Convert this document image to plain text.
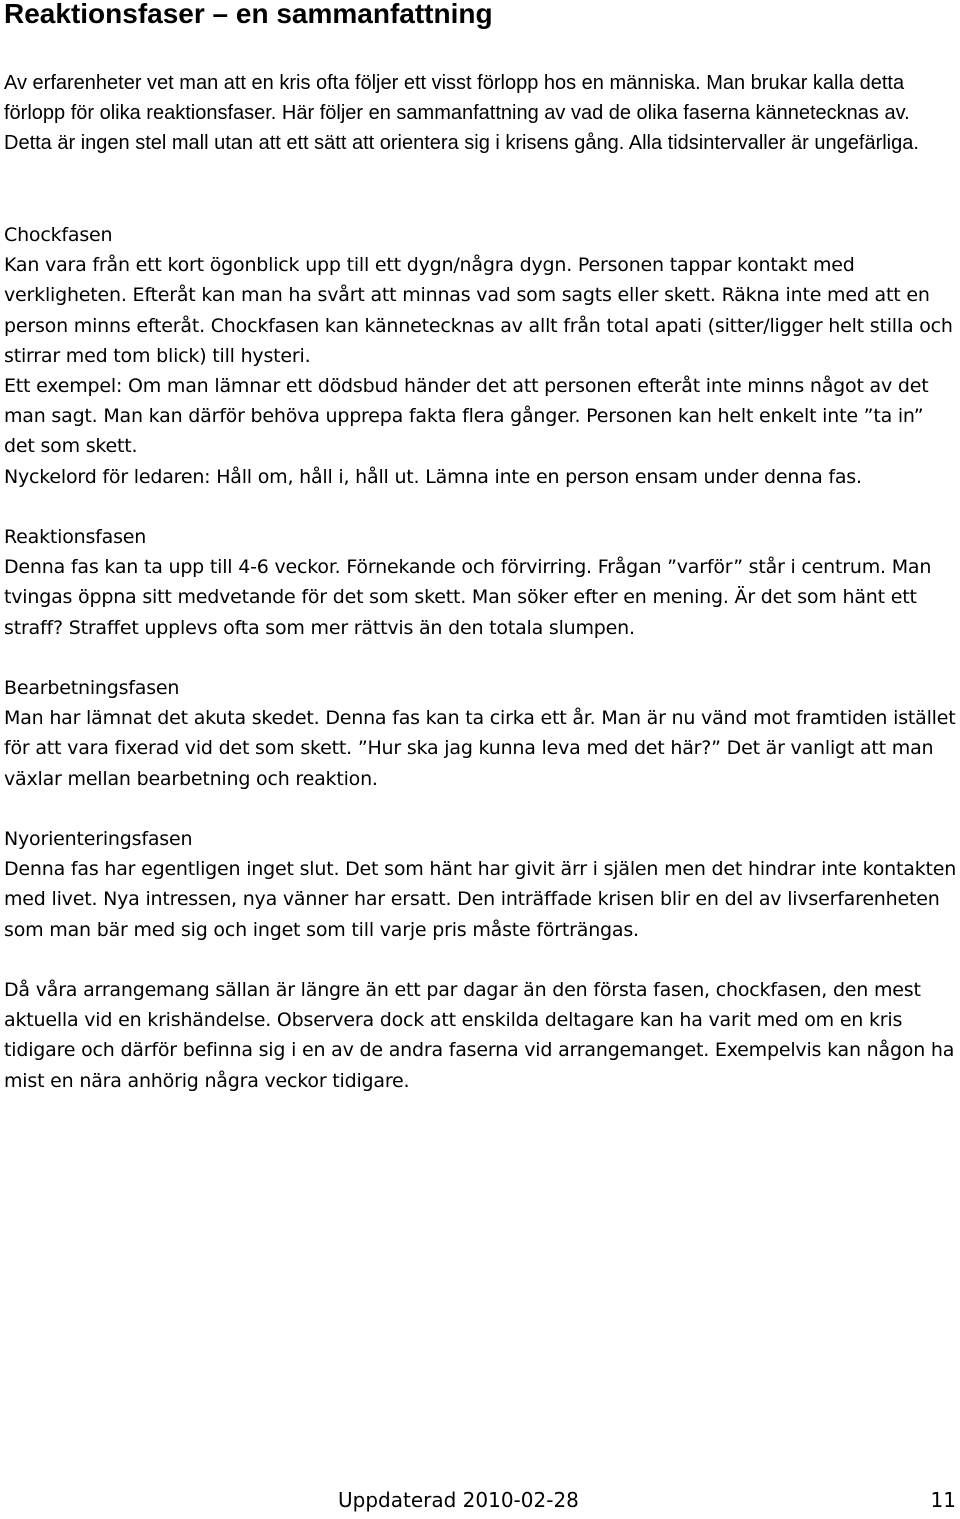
Reaktionsfaser – en sammanfattning

Av erfarenheter vet man att en kris ofta följer ett visst förlopp hos en människa. Man brukar kalla detta förlopp för olika reaktionsfaser. Här följer en sammanfattning av vad de olika faserna kännetecknas av. Detta är ingen stel mall utan att ett sätt att orientera sig i krisens gång. Alla tidsintervaller är ungefärliga.

Chockfasen

Kan vara från ett kort ögonblick upp till ett dygn/några dygn. Personen tappar kontakt med verkligheten. Efteråt kan man ha svårt att minnas vad som sagts eller skett. Räkna inte med att en person minns efteråt. Chockfasen kan kännetecknas av allt från total apati (sitter/ligger helt stilla och stirrar med tom blick) till hysteri.

Ett exempel: Om man lämnar ett dödsbud händer det att personen efteråt inte minns något av det man sagt. Man kan därför behöva upprepa fakta flera gånger. Personen kan helt enkelt inte ”ta in” det som skett.

Nyckelord för ledaren: Håll om, håll i, håll ut. Lämna inte en person ensam under denna fas.

Reaktionsfasen

Denna fas kan ta upp till 4-6 veckor. Förnekande och förvirring. Frågan ”varför” står i centrum. Man tvingas öppna sitt medvetande för det som skett. Man söker efter en mening. Är det som hänt ett straff? Straffet upplevs ofta som mer rättvis än den totala slumpen.

Bearbetningsfasen

Man har lämnat det akuta skedet. Denna fas kan ta cirka ett år. Man är nu vänd mot framtiden istället för att vara fixerad vid det som skett. ”Hur ska jag kunna leva med det här?” Det är vanligt att man växlar mellan bearbetning och reaktion.

Nyorienteringsfasen

Denna fas har egentligen inget slut. Det som hänt har givit ärr i själen men det hindrar inte kontakten med livet. Nya intressen, nya vänner har ersatt. Den inträffade krisen blir en del av livserfarenheten som man bär med sig och inget som till varje pris måste förträngas.

Då våra arrangemang sällan är längre än ett par dagar än den första fasen, chockfasen, den mest aktuella vid en krishändelse. Observera dock att enskilda deltagare kan ha varit med om en kris tidigare och därför befinna sig i en av de andra faserna vid arrangemanget. Exempelvis kan någon ha mist en nära anhörig några veckor tidigare.

Uppdaterad 2010-02-28	11
